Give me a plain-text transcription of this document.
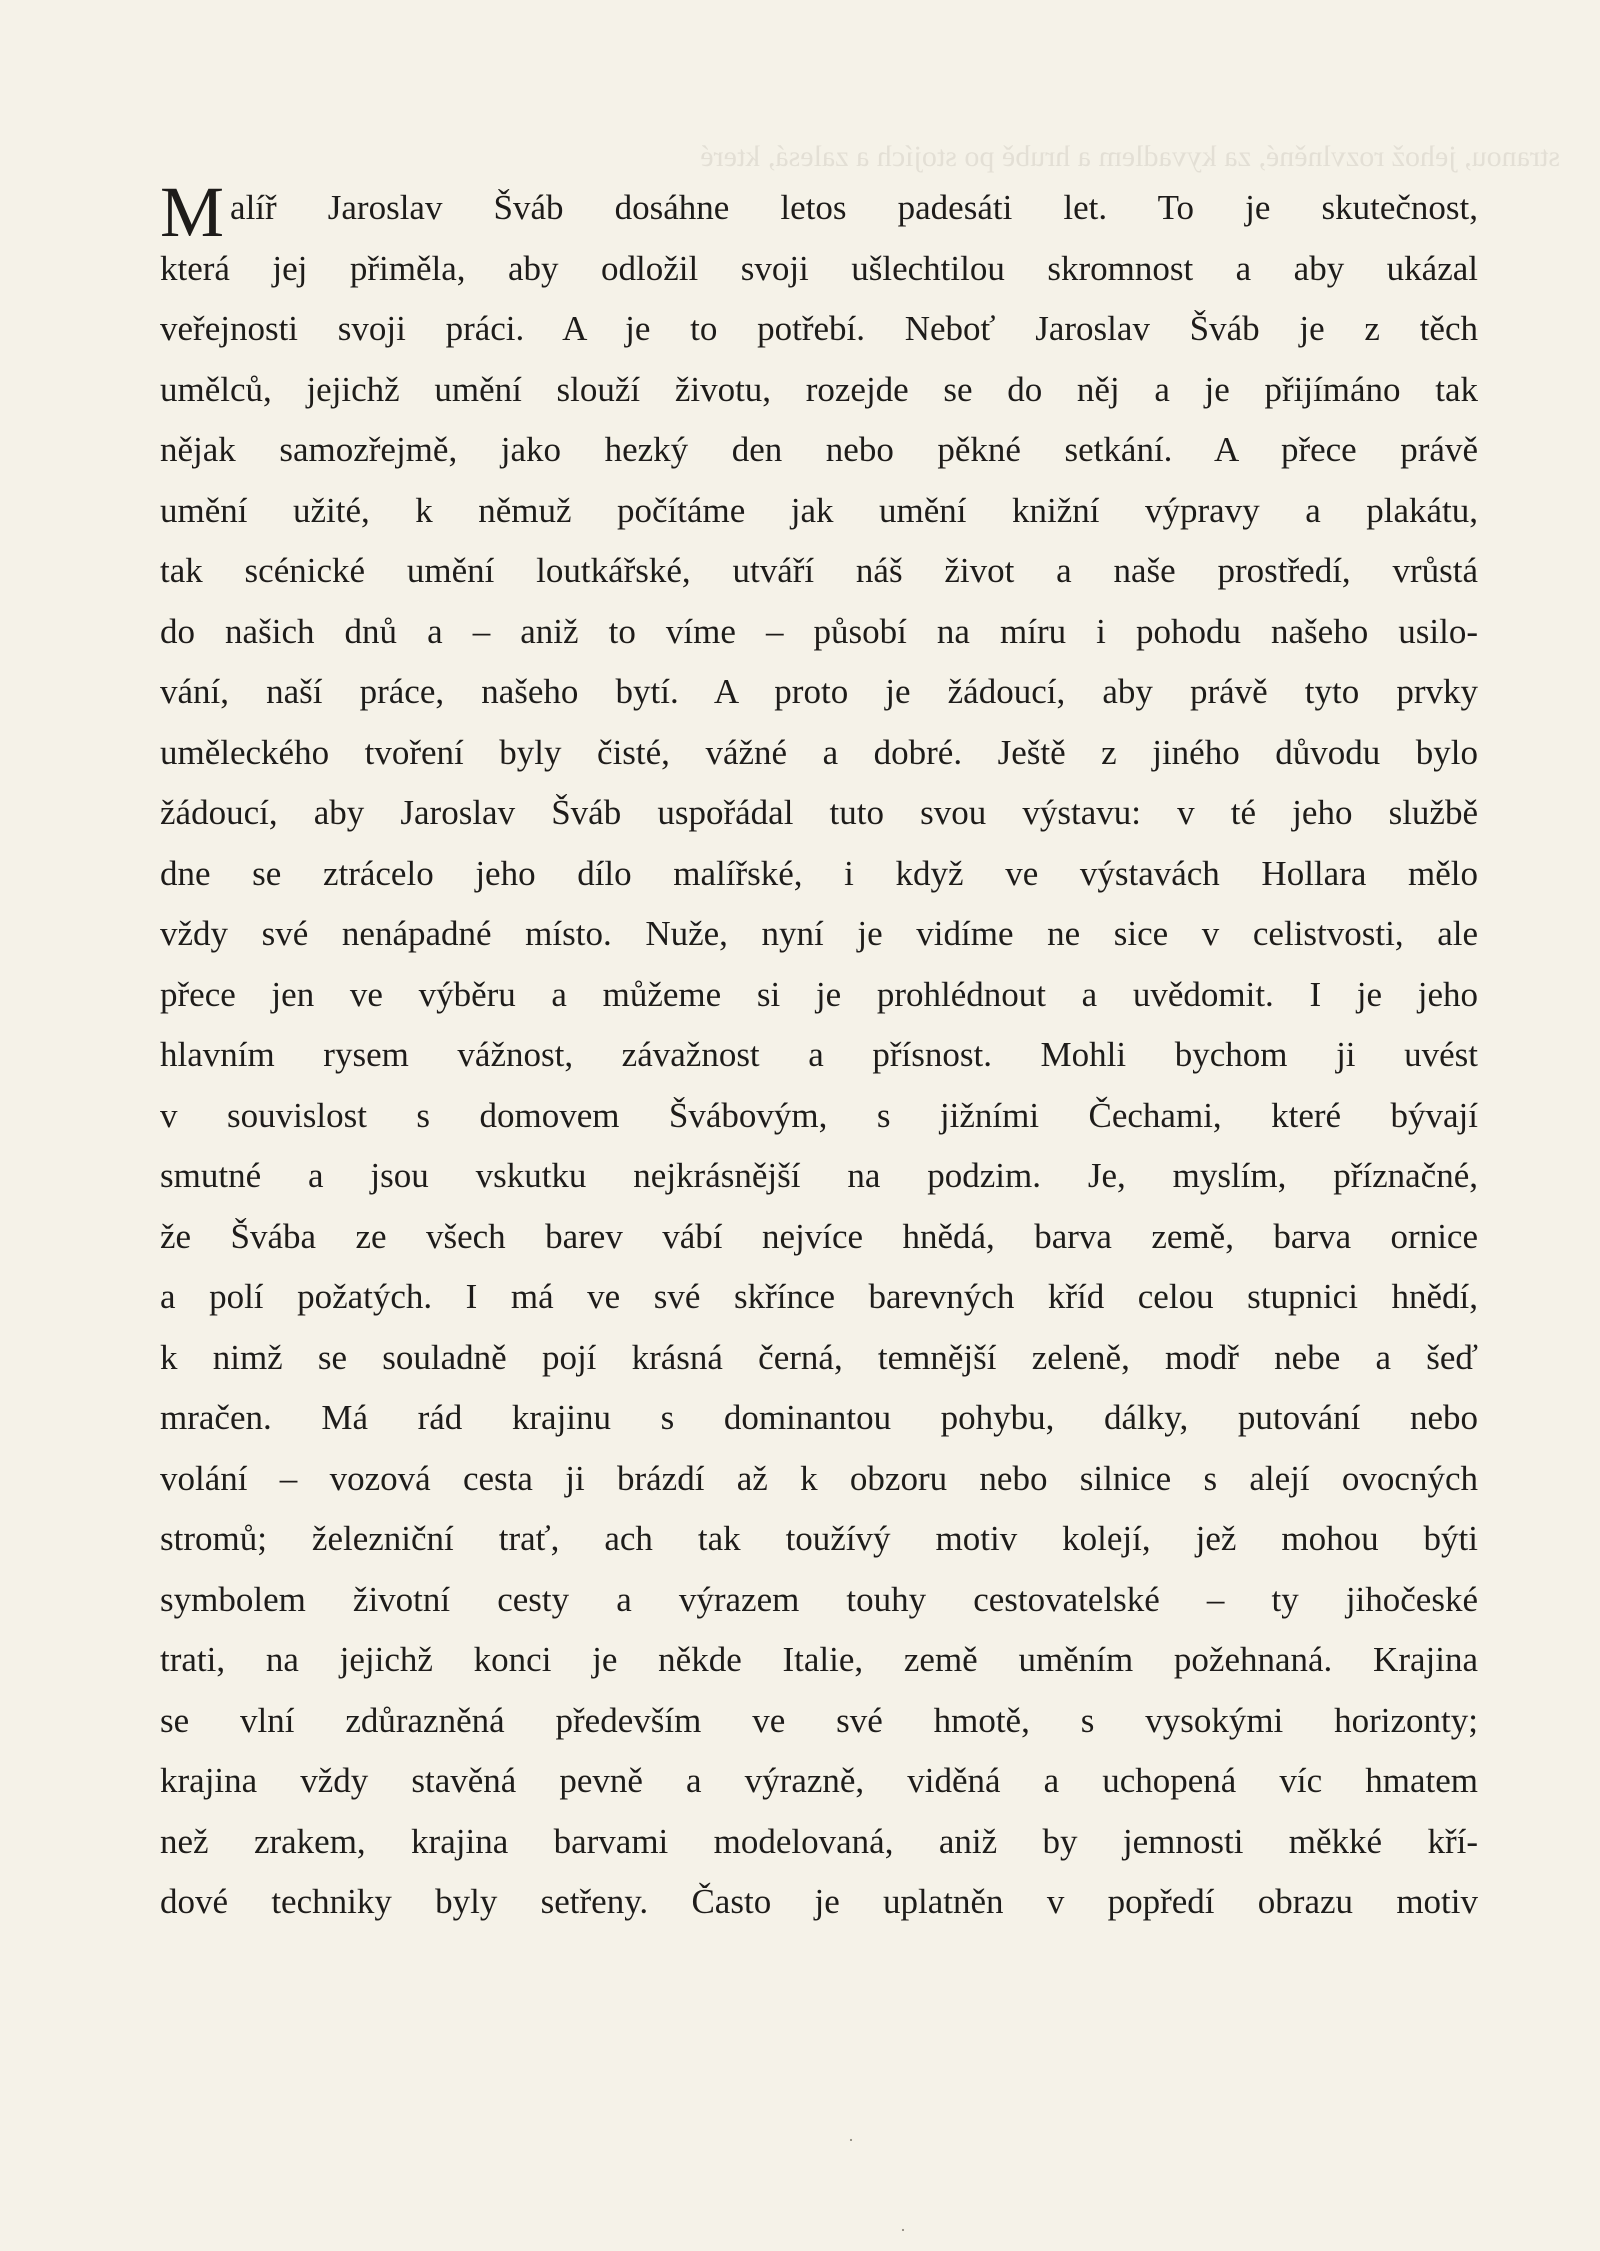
stranou, jehož rozvlněné, za kyvadlem a hrubě po stojích a zalesá, které
Malíř Jaroslav Šváb dosáhne letos padesáti let. To je skutečnost,
která jej přiměla, aby odložil svoji ušlechtilou skromnost a aby ukázal
veřejnosti svoji práci. A je to potřebí. Neboť Jaroslav Šváb je z těch
umělců, jejichž umění slouží životu, rozejde se do něj a je přijímáno tak
nějak samozřejmě, jako hezký den nebo pěkné setkání. A přece právě
umění užité, k němuž počítáme jak umění knižní výpravy a plakátu,
tak scénické umění loutkářské, utváří náš život a naše prostředí, vrůstá
do našich dnů a – aniž to víme – působí na míru i pohodu našeho usilo-
vání, naší práce, našeho bytí. A proto je žádoucí, aby právě tyto prvky
uměleckého tvoření byly čisté, vážné a dobré. Ještě z jiného důvodu bylo
žádoucí, aby Jaroslav Šváb uspořádal tuto svou výstavu: v té jeho službě
dne se ztrácelo jeho dílo malířské, i když ve výstavách Hollara mělo
vždy své nenápadné místo. Nuže, nyní je vidíme ne sice v celistvosti, ale
přece jen ve výběru a můžeme si je prohlédnout a uvědomit. I je jeho
hlavním rysem vážnost, závažnost a přísnost. Mohli bychom ji uvést
v souvislost s domovem Švábovým, s jižními Čechami, které bývají
smutné a jsou vskutku nejkrásnější na podzim. Je, myslím, příznačné,
že Švába ze všech barev vábí nejvíce hnědá, barva země, barva ornice
a polí požatých. I má ve své skřínce barevných kříd celou stupnici hnědí,
k nimž se souladně pojí krásná černá, temnější zeleně, modř nebe a šeď
mračen. Má rád krajinu s dominantou pohybu, dálky, putování nebo
volání – vozová cesta ji brázdí až k obzoru nebo silnice s alejí ovocných
stromů; železniční trať, ach tak toužívý motiv kolejí, jež mohou býti
symbolem životní cesty a výrazem touhy cestovatelské – ty jihočeské
trati, na jejichž konci je někde Italie, země uměním požehnaná. Krajina
se vlní zdůrazněná především ve své hmotě, s vysokými horizonty;
krajina vždy stavěná pevně a výrazně, viděná a uchopená víc hmatem
než zrakem, krajina barvami modelovaná, aniž by jemnosti měkké kří-
dové techniky byly setřeny. Často je uplatněn v popředí obrazu motiv
·
·
